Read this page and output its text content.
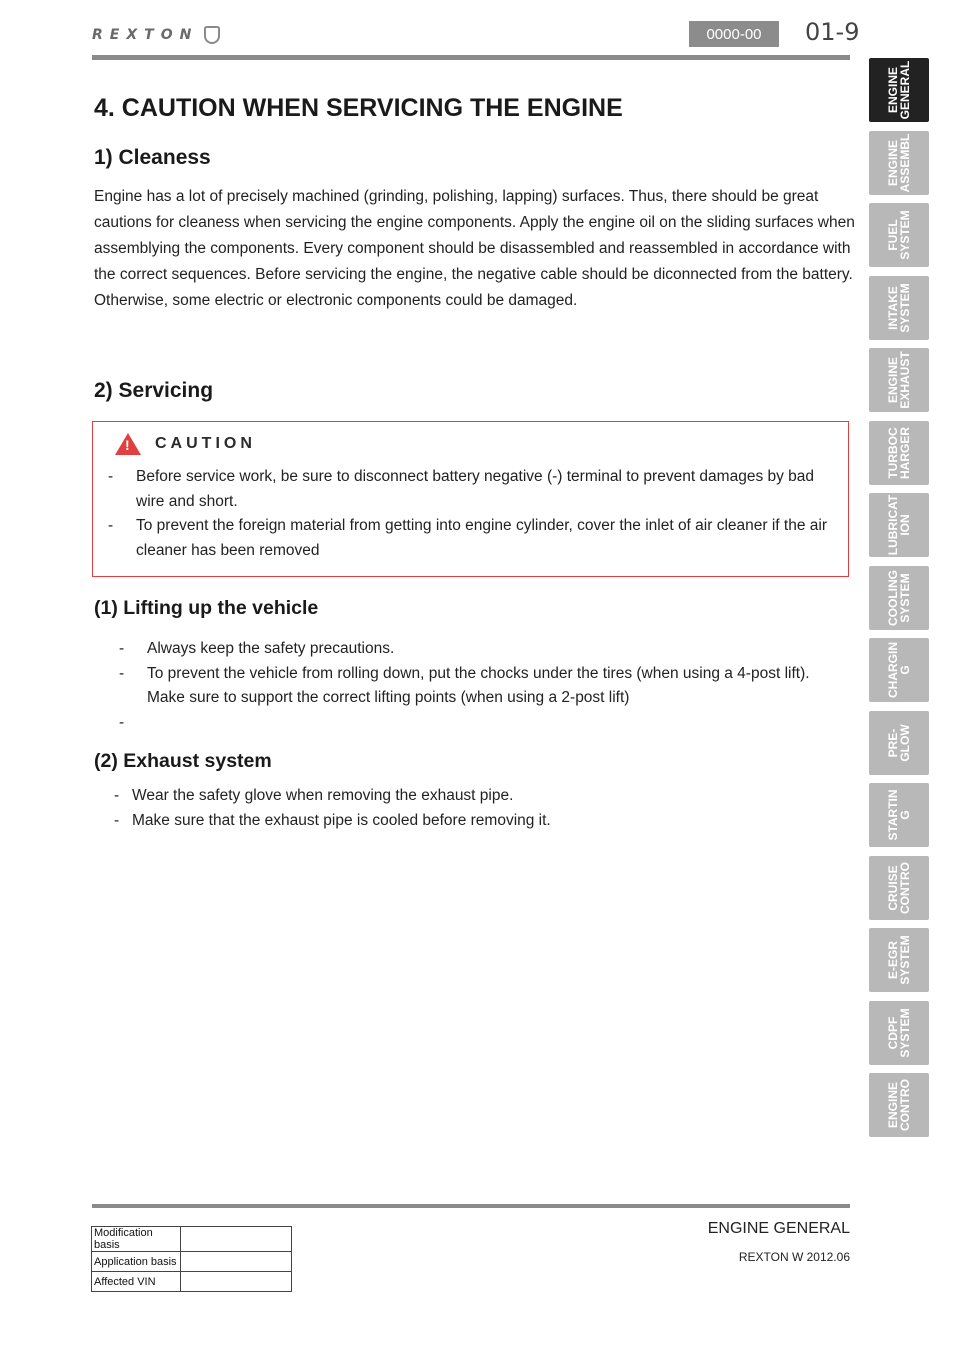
REXTON	0000-00	01-9
ENGINE
GENERAL
ENGINE
ASSEMBL
FUEL
SYSTEM
INTAKE
SYSTEM
ENGINE
EXHAUST
TURBOC
HARGER
LUBRICAT
ION
COOLING
SYSTEM
CHARGIN
G
PRE-
GLOW
STARTIN
G
CRUISE
CONTRO
E-EGR
SYSTEM
CDPF
SYSTEM
ENGINE
CONTRO
4. CAUTION WHEN SERVICING THE ENGINE
1) Cleaness

Engine has a lot of precisely machined (grinding, polishing, lapping) surfaces. Thus, there should be great cautions for cleaness when servicing the engine components. Apply the engine oil on the sliding surfaces when assemblying the components. Every component should be disassembled and reassembled in accordance with the correct sequences. Before servicing the engine, the negative cable should be diconnected from the battery. Otherwise, some electric or electronic components could be damaged.

2) Servicing
! CAUTION
- Before service work, be sure to disconnect battery negative (-) terminal to prevent damages by bad wire and short.
- To prevent the foreign material from getting into engine cylinder, cover the inlet of air cleaner if the air cleaner has been removed
(1) Lifting up the vehicle
- Always keep the safety precautions.
- To prevent the vehicle from rolling down, put the chocks under the tires (when using a 4-post lift). Make sure to support the correct lifting points (when using a 2-post lift)
-
(2) Exhaust system
- Wear the safety glove when removing the exhaust pipe.
- Make sure that the exhaust pipe is cooled before removing it.
Modification basis	
Application basis	
Affected VIN	
ENGINE GENERAL
REXTON W 2012.06
